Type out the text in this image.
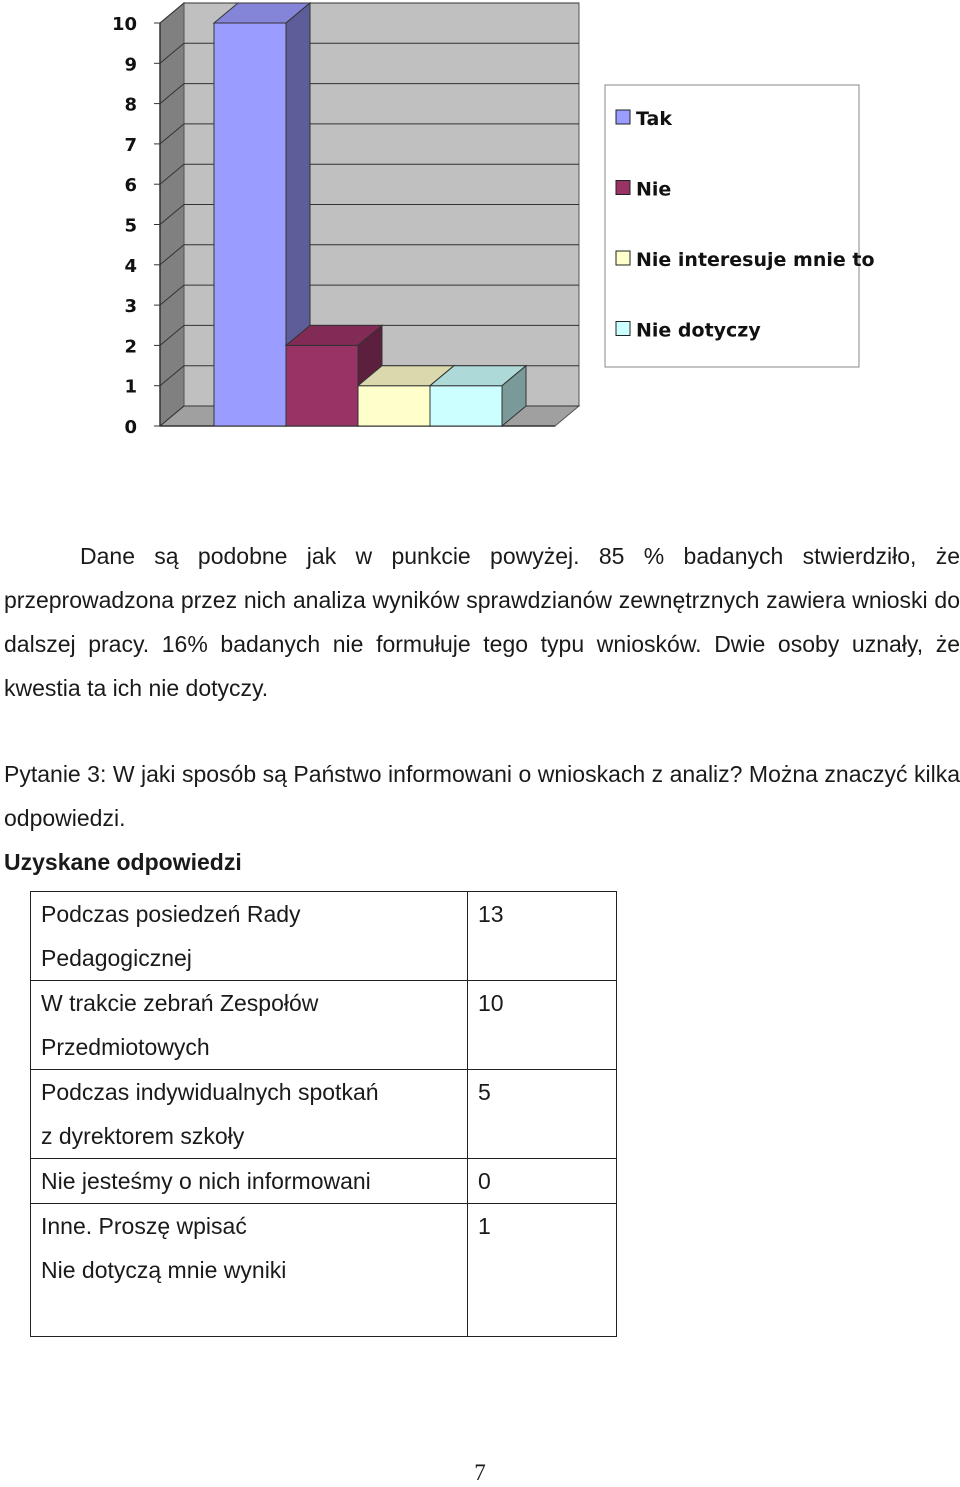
0
1
2
3
4
5
6
7
8
9
10
Tak
Nie
Nie interesuje mnie to
Nie dotyczy

Dane są podobne jak w punkcie powyżej. 85 % badanych stwierdziło, że przeprowadzona przez nich analiza wyników sprawdzianów zewnętrznych zawiera wnioski do dalszej pracy. 16% badanych nie formułuje tego typu wniosków. Dwie osoby uznały, że kwestia ta ich nie dotyczy.

Pytanie 3: W jaki sposób są Państwo informowani o wnioskach z analiz? Można znaczyć kilka odpowiedzi.

Uzyskane odpowiedzi

Podczas posiedzeń Rady
Pedagogicznej	13

W trakcie zebrań Zespołów
Przedmiotowych	10

Podczas indywidualnych spotkań
z dyrektorem szkoły	5

Nie jesteśmy o nich informowani	0

Inne. Proszę wpisać
Nie dotyczą mnie wyniki	1
7
